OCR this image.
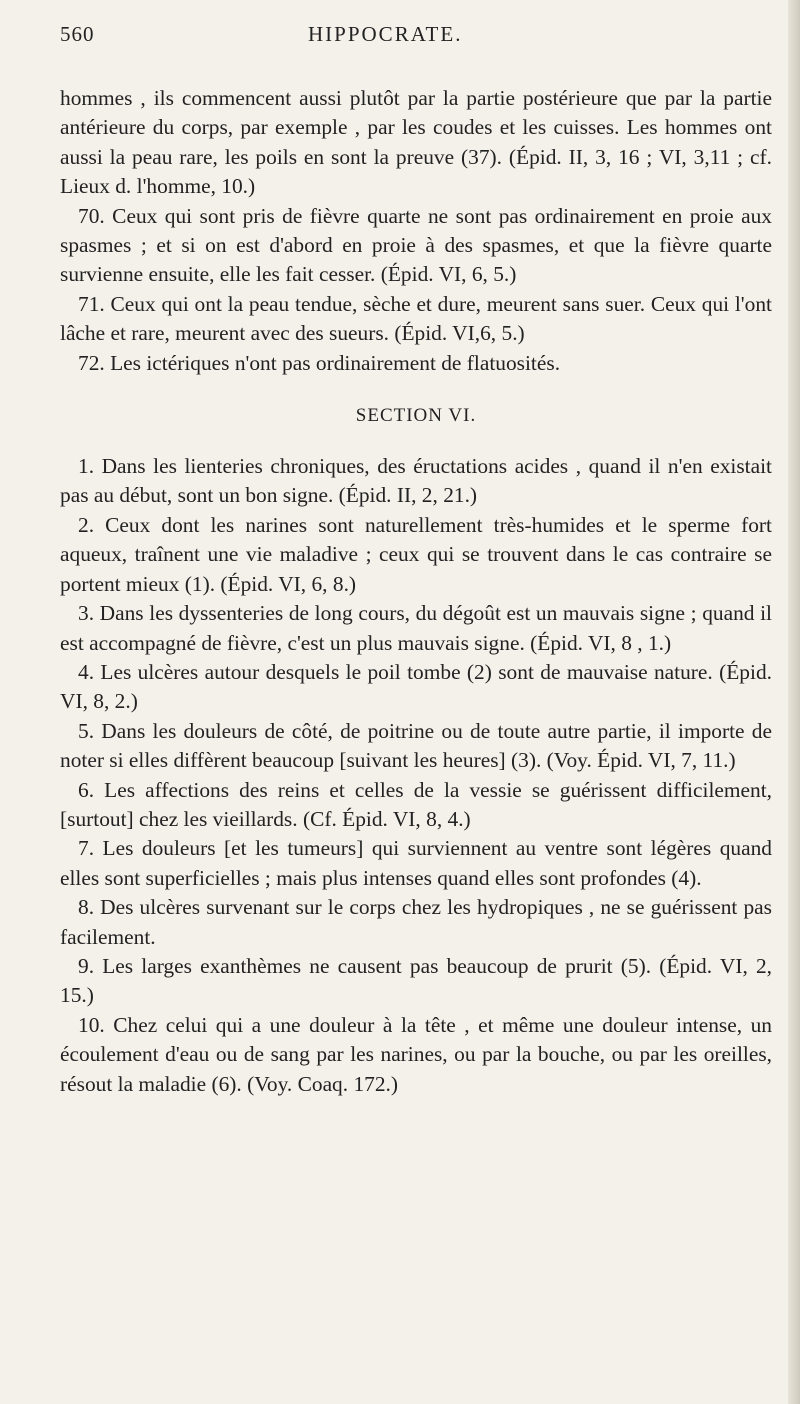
560	HIPPOCRATE.

hommes , ils commencent aussi plutôt par la partie postérieure que par la partie antérieure du corps, par exemple , par les coudes et les cuisses. Les hommes ont aussi la peau rare, les poils en sont la preuve (37). (Épid. II, 3, 16 ; VI, 3,11 ; cf. Lieux d. l'homme, 10.)

70. Ceux qui sont pris de fièvre quarte ne sont pas ordinairement en proie aux spasmes ; et si on est d'abord en proie à des spasmes, et que la fièvre quarte survienne ensuite, elle les fait cesser. (Épid. VI, 6, 5.)

71. Ceux qui ont la peau tendue, sèche et dure, meurent sans suer. Ceux qui l'ont lâche et rare, meurent avec des sueurs. (Épid. VI,6, 5.)

72. Les ictériques n'ont pas ordinairement de flatuosités.

SECTION VI.

1. Dans les lienteries chroniques, des éructations acides , quand il n'en existait pas au début, sont un bon signe. (Épid. II, 2, 21.)

2. Ceux dont les narines sont naturellement très-humides et le sperme fort aqueux, traînent une vie maladive ; ceux qui se trouvent dans le cas contraire se portent mieux (1). (Épid. VI, 6, 8.)

3. Dans les dyssenteries de long cours, du dégoût est un mauvais signe ; quand il est accompagné de fièvre, c'est un plus mauvais signe. (Épid. VI, 8 , 1.)

4. Les ulcères autour desquels le poil tombe (2) sont de mauvaise nature. (Épid. VI, 8, 2.)

5. Dans les douleurs de côté, de poitrine ou de toute autre partie, il importe de noter si elles diffèrent beaucoup [suivant les heures] (3). (Voy. Épid. VI, 7, 11.)

6. Les affections des reins et celles de la vessie se guérissent difficilement, [surtout] chez les vieillards. (Cf. Épid. VI, 8, 4.)

7. Les douleurs [et les tumeurs] qui surviennent au ventre sont légères quand elles sont superficielles ; mais plus intenses quand elles sont profondes (4).

8. Des ulcères survenant sur le corps chez les hydropiques , ne se guérissent pas facilement.

9. Les larges exanthèmes ne causent pas beaucoup de prurit (5). (Épid. VI, 2, 15.)

10. Chez celui qui a une douleur à la tête , et même une douleur intense, un écoulement d'eau ou de sang par les narines, ou par la bouche, ou par les oreilles, résout la maladie (6). (Voy. Coaq. 172.)
